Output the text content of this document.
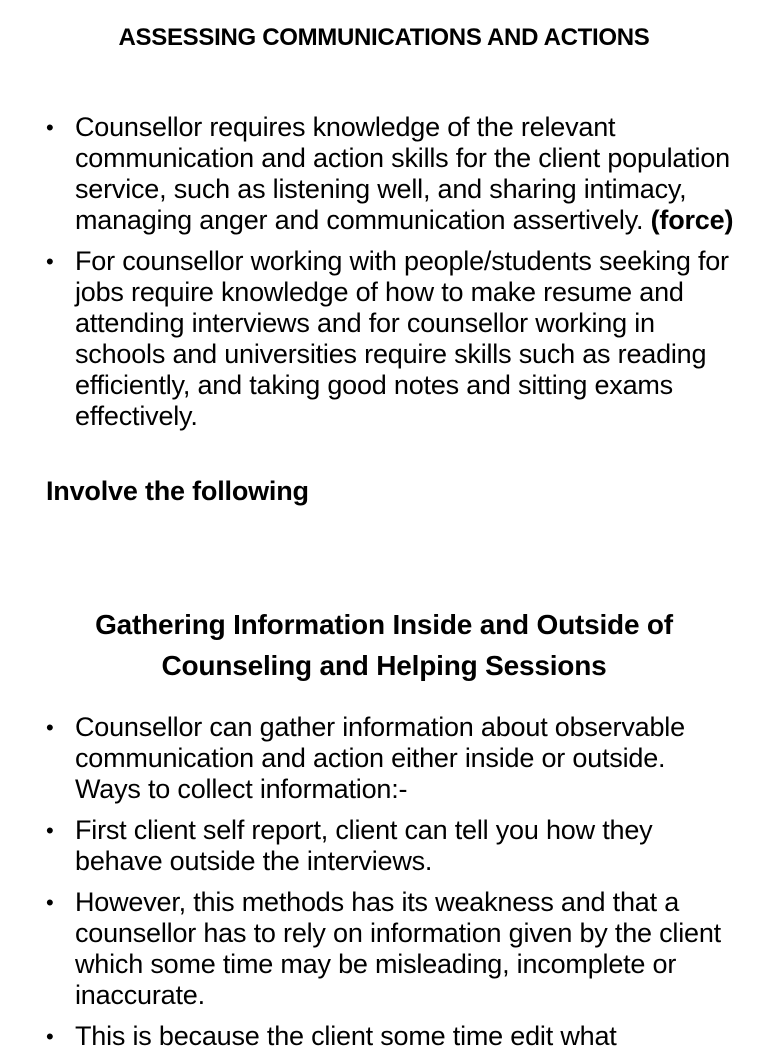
ASSESSING COMMUNICATIONS AND ACTIONS
• Counsellor requires knowledge of the relevant communication and action skills for the client population service, such as listening well, and sharing intimacy, managing anger and communication assertively. (force)
• For counsellor working with people/students seeking for jobs require knowledge of how to make resume and attending interviews and for counsellor working in schools and universities require skills such as reading efficiently, and taking good notes and sitting exams effectively.
Involve the following
Gathering Information Inside and Outside of
Counseling and Helping Sessions
• Counsellor can gather information about observable communication and action either inside or outside. Ways to collect information:-
• First client self report, client can tell you how they behave outside the interviews.
• However, this methods has its weakness and that a counsellor has to rely on information given by the client which some time may be misleading, incomplete or inaccurate.
• This is because the client some time edit what
